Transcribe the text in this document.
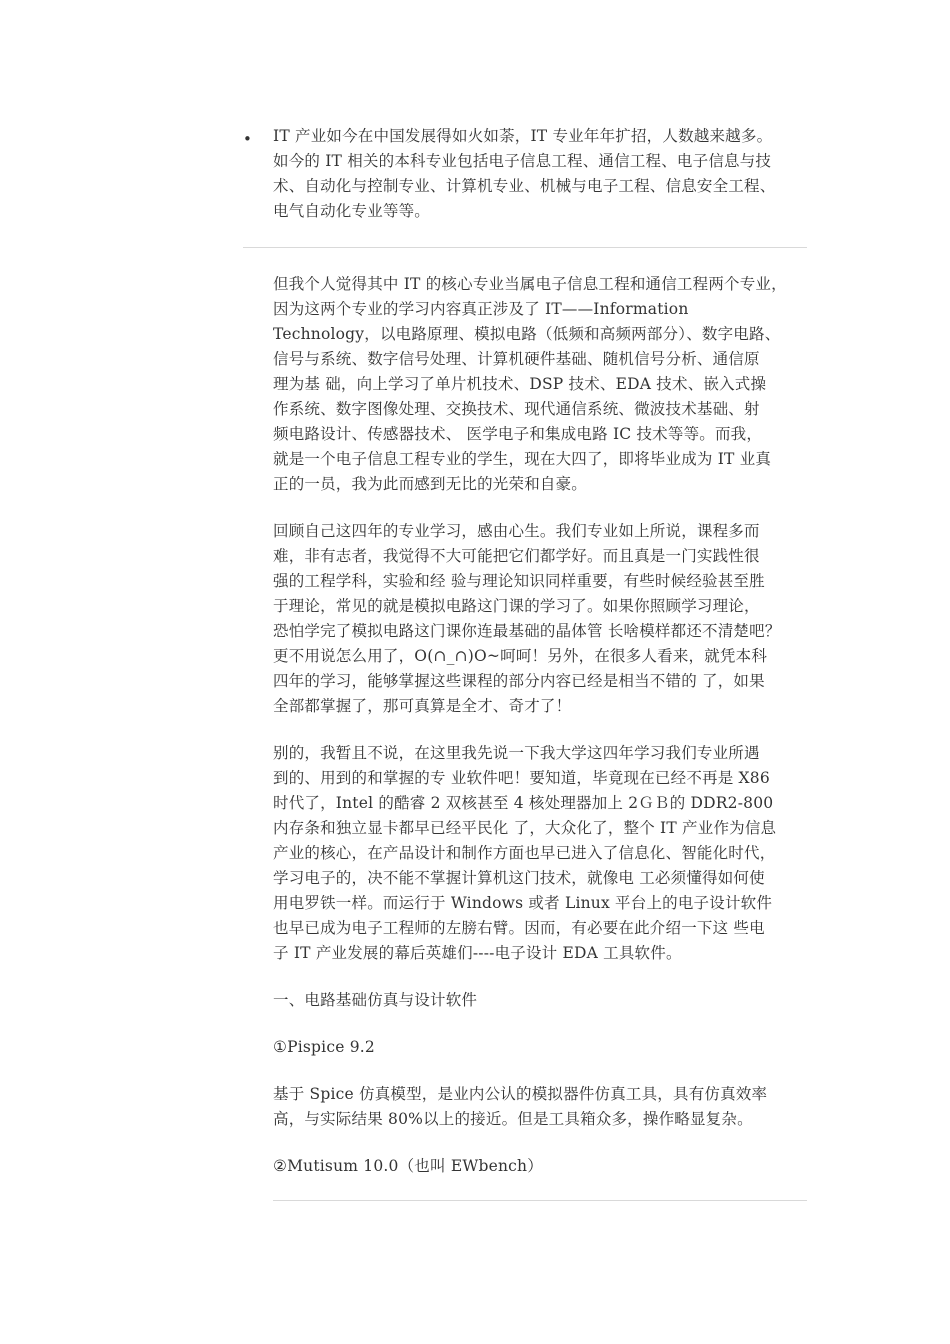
• IT 产业如今在中国发展得如火如荼，IT 专业年年扩招，人数越来越多。
如今的 IT 相关的本科专业包括电子信息工程、通信工程、电子信息与技
术、自动化与控制专业、计算机专业、机械与电子工程、信息安全工程、
电气自动化专业等等。
但我个人觉得其中 IT 的核心专业当属电子信息工程和通信工程两个专业，
因为这两个专业的学习内容真正涉及了 IT——Information
Technology，以电路原理、模拟电路（低频和高频两部分）、数字电路、
信号与系统、数字信号处理、计算机硬件基础、随机信号分析、通信原
理为基 础，向上学习了单片机技术、DSP 技术、EDA 技术、嵌入式操
作系统、数字图像处理、交换技术、现代通信系统、微波技术基础、射
频电路设计、传感器技术、 医学电子和集成电路 IC 技术等等。而我，
就是一个电子信息工程专业的学生，现在大四了，即将毕业成为 IT 业真
正的一员，我为此而感到无比的光荣和自豪。
回顾自己这四年的专业学习，感由心生。我们专业如上所说，课程多而
难，非有志者，我觉得不大可能把它们都学好。而且真是一门实践性很
强的工程学科，实验和经 验与理论知识同样重要，有些时候经验甚至胜
于理论，常见的就是模拟电路这门课的学习了。如果你照顾学习理论，
恐怕学完了模拟电路这门课你连最基础的晶体管 长啥模样都还不清楚吧？
更不用说怎么用了，O(∩_∩)O~呵呵！另外，在很多人看来，就凭本科
四年的学习，能够掌握这些课程的部分内容已经是相当不错的 了，如果
全部都掌握了，那可真算是全才、奇才了！
别的，我暂且不说，在这里我先说一下我大学这四年学习我们专业所遇
到的、用到的和掌握的专 业软件吧！要知道，毕竟现在已经不再是 X86
时代了，Intel 的酷睿 2 双核甚至 4 核处理器加上 2ＧＢ的 DDR2-800
内存条和独立显卡都早已经平民化 了，大众化了，整个 IT 产业作为信息
产业的核心，在产品设计和制作方面也早已进入了信息化、智能化时代，
学习电子的，决不能不掌握计算机这门技术，就像电 工必须懂得如何使
用电罗铁一样。而运行于 Windows 或者 Linux 平台上的电子设计软件
也早已成为电子工程师的左膀右臂。因而，有必要在此介绍一下这 些电
子 IT 产业发展的幕后英雄们----电子设计 EDA 工具软件。
一、电路基础仿真与设计软件
①Pispice 9.2
基于 Spice 仿真模型，是业内公认的模拟器件仿真工具，具有仿真效率
高，与实际结果 80%以上的接近。但是工具箱众多，操作略显复杂。
②Mutisum 10.0（也叫 EWbench）
